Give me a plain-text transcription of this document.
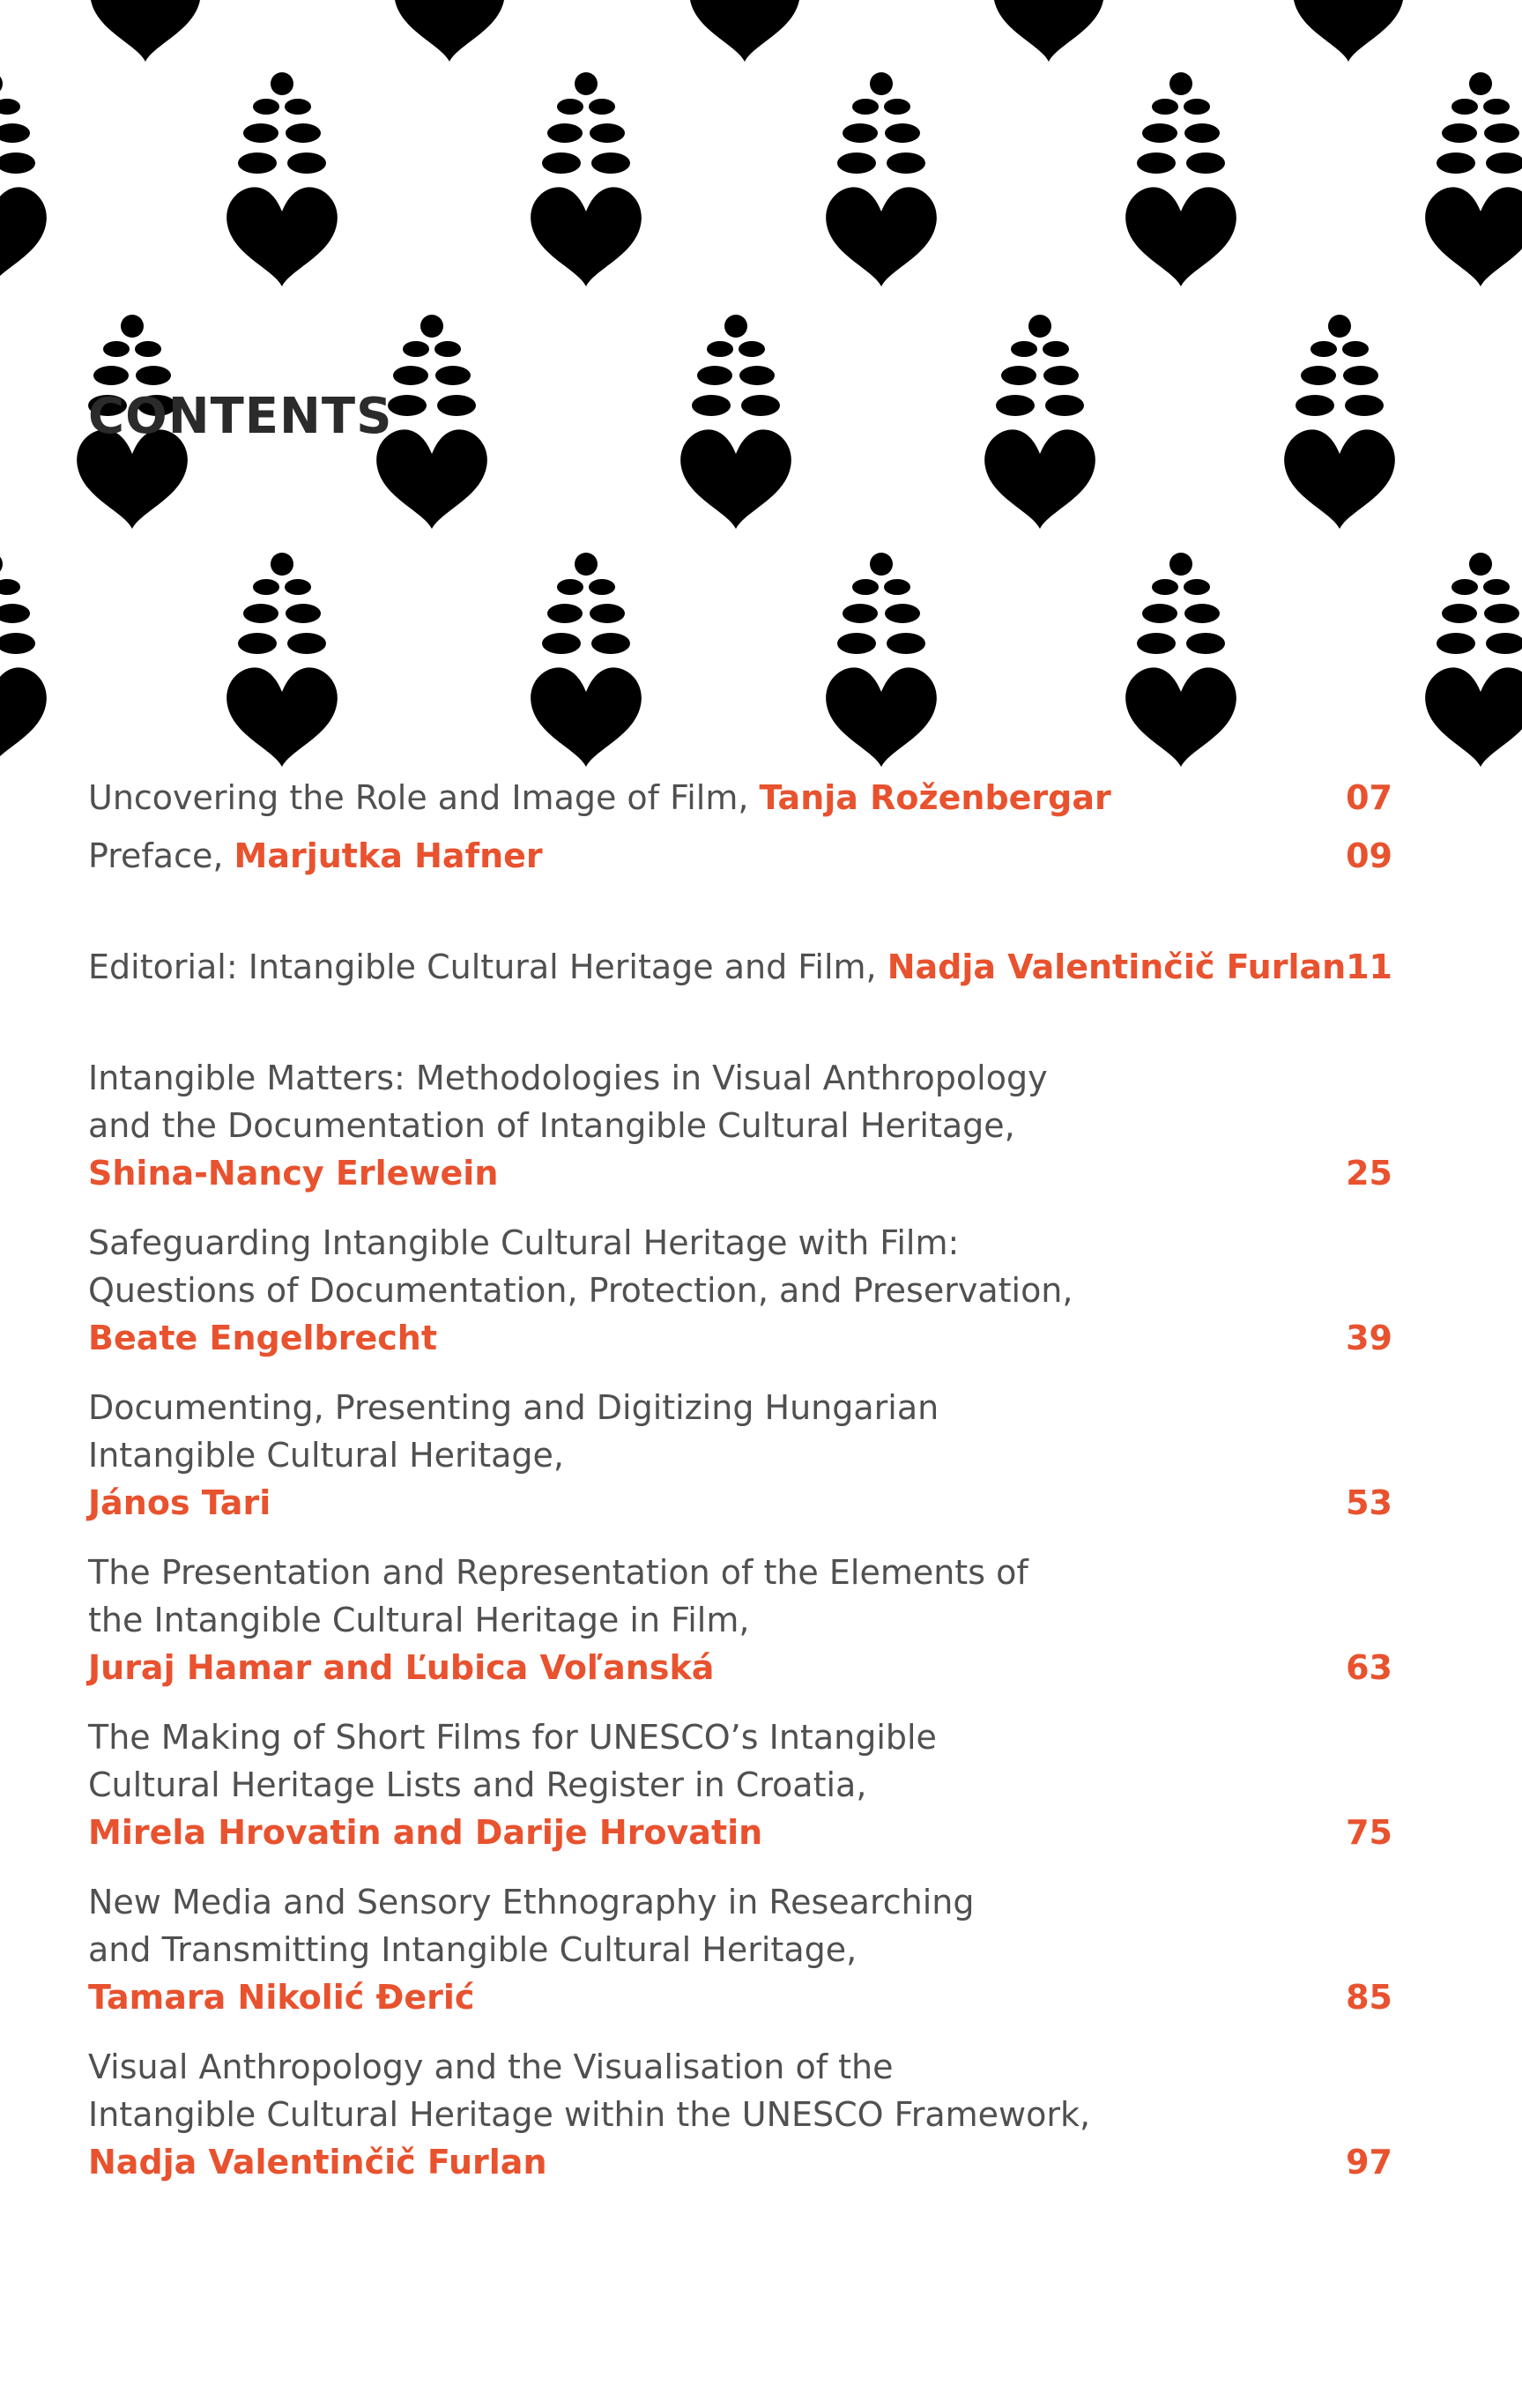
CONTENTS
Uncovering the Role and Image of Film, Tanja Roženbergar	07
Preface, Marjutka Hafner	09
Editorial: Intangible Cultural Heritage and Film, Nadja Valentinčič Furlan 11
Intangible Matters: Methodologies in Visual Anthropology
and the Documentation of Intangible Cultural Heritage,
Shina-Nancy Erlewein	25
Safeguarding Intangible Cultural Heritage with Film:
Questions of Documentation, Protection, and Preservation,
Beate Engelbrecht	39
Documenting, Presenting and Digitizing Hungarian
Intangible Cultural Heritage,
János Tari	53
The Presentation and Representation of the Elements of
the Intangible Cultural Heritage in Film,
Juraj Hamar and Ľubica Voľanská	63
The Making of Short Films for UNESCO’s Intangible
Cultural Heritage Lists and Register in Croatia,
Mirela Hrovatin and Darije Hrovatin	75
New Media and Sensory Ethnography in Researching
and Transmitting Intangible Cultural Heritage,
Tamara Nikolić Đerić	85
Visual Anthropology and the Visualisation of the
Intangible Cultural Heritage within the UNESCO Framework,
Nadja Valentinčič Furlan	97
